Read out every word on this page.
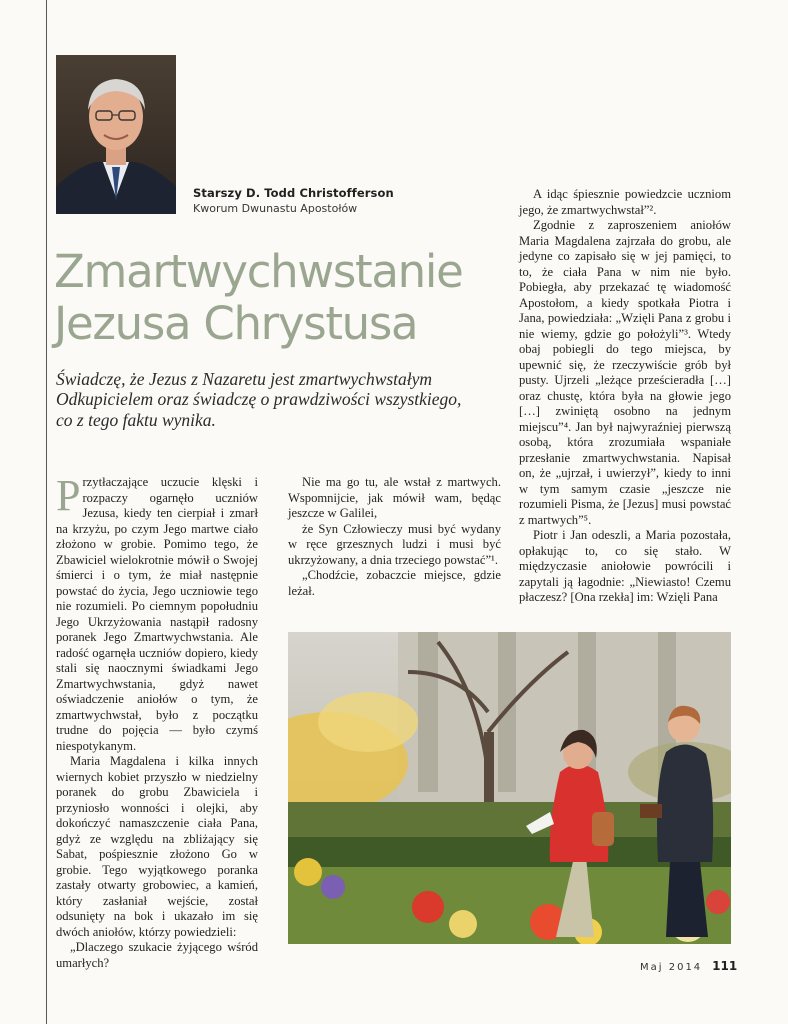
Starszy D. Todd Christofferson
Kworum Dwunastu Apostołów
Zmartwychwstanie
Jezusa Chrystusa
Świadczę, że Jezus z Nazaretu jest zmartwychwstałym
Odkupicielem oraz świadczę o prawdziwości wszystkiego,
co z tego faktu wynika.

Przytłaczające uczucie klęski i rozpaczy ogarnęło uczniów Jezusa, kiedy ten cierpiał i zmarł na krzyżu, po czym Jego martwe ciało złożono w grobie. Pomimo tego, że Zbawiciel wielokrotnie mówił o Swojej śmierci i o tym, że miał następnie powstać do życia, Jego uczniowie tego nie rozumieli. Po ciemnym popołudniu Jego Ukrzyżowania nastąpił radosny poranek Jego Zmartwychwstania. Ale radość ogarnęła uczniów dopiero, kiedy stali się naocznymi świadkami Jego Zmartwychwstania, gdyż nawet oświadczenie aniołów o tym, że zmartwychwstał, było z początku trudne do pojęcia — było czymś niespotykanym.

Maria Magdalena i kilka innych wiernych kobiet przyszło w niedzielny poranek do grobu Zbawiciela i przyniosło wonności i olejki, aby dokończyć namaszczenie ciała Pana, gdyż ze względu na zbliżający się Sabat, pośpiesznie złożono Go w grobie. Tego wyjątkowego poranka zastały otwarty grobowiec, a kamień, który zasłaniał wejście, został odsunięty na bok i ukazało im się dwóch aniołów, którzy powiedzieli:

„Dlaczego szukacie żyjącego wśród umarłych?

Nie ma go tu, ale wstał z martwych. Wspomnijcie, jak mówił wam, będąc jeszcze w Galilei,

że Syn Człowieczy musi być wydany w ręce grzesznych ludzi i musi być ukrzyżowany, a dnia trzeciego powstać”¹.

„Chodźcie, zobaczcie miejsce, gdzie leżał.

A idąc śpiesznie powiedzcie uczniom jego, że zmartwychwstał”².

Zgodnie z zaproszeniem aniołów Maria Magdalena zajrzała do grobu, ale jedyne co zapisało się w jej pamięci, to to, że ciała Pana w nim nie było. Pobiegła, aby przekazać tę wiadomość Apostołom, a kiedy spotkała Piotra i Jana, powiedziała: „Wzięli Pana z grobu i nie wiemy, gdzie go położyli”³. Wtedy obaj pobiegli do tego miejsca, by upewnić się, że rzeczywiście grób był pusty. Ujrzeli „leżące prześcieradła […] oraz chustę, która była na głowie jego […] zwiniętą osobno na jednym miejscu”⁴. Jan był najwyraźniej pierwszą osobą, która zrozumiała wspaniałe przesłanie zmartwychwstania. Napisał on, że „ujrzał, i uwierzył”, kiedy to inni w tym samym czasie „jeszcze nie rozumieli Pisma, że [Jezus] musi powstać z martwych”⁵.

Piotr i Jan odeszli, a Maria pozostała, opłakując to, co się stało. W międzyczasie aniołowie powrócili i zapytali ją łagodnie: „Niewiasto! Czemu płaczesz? [Ona rzekła] im: Wzięli Pana

Maj 2014 111
